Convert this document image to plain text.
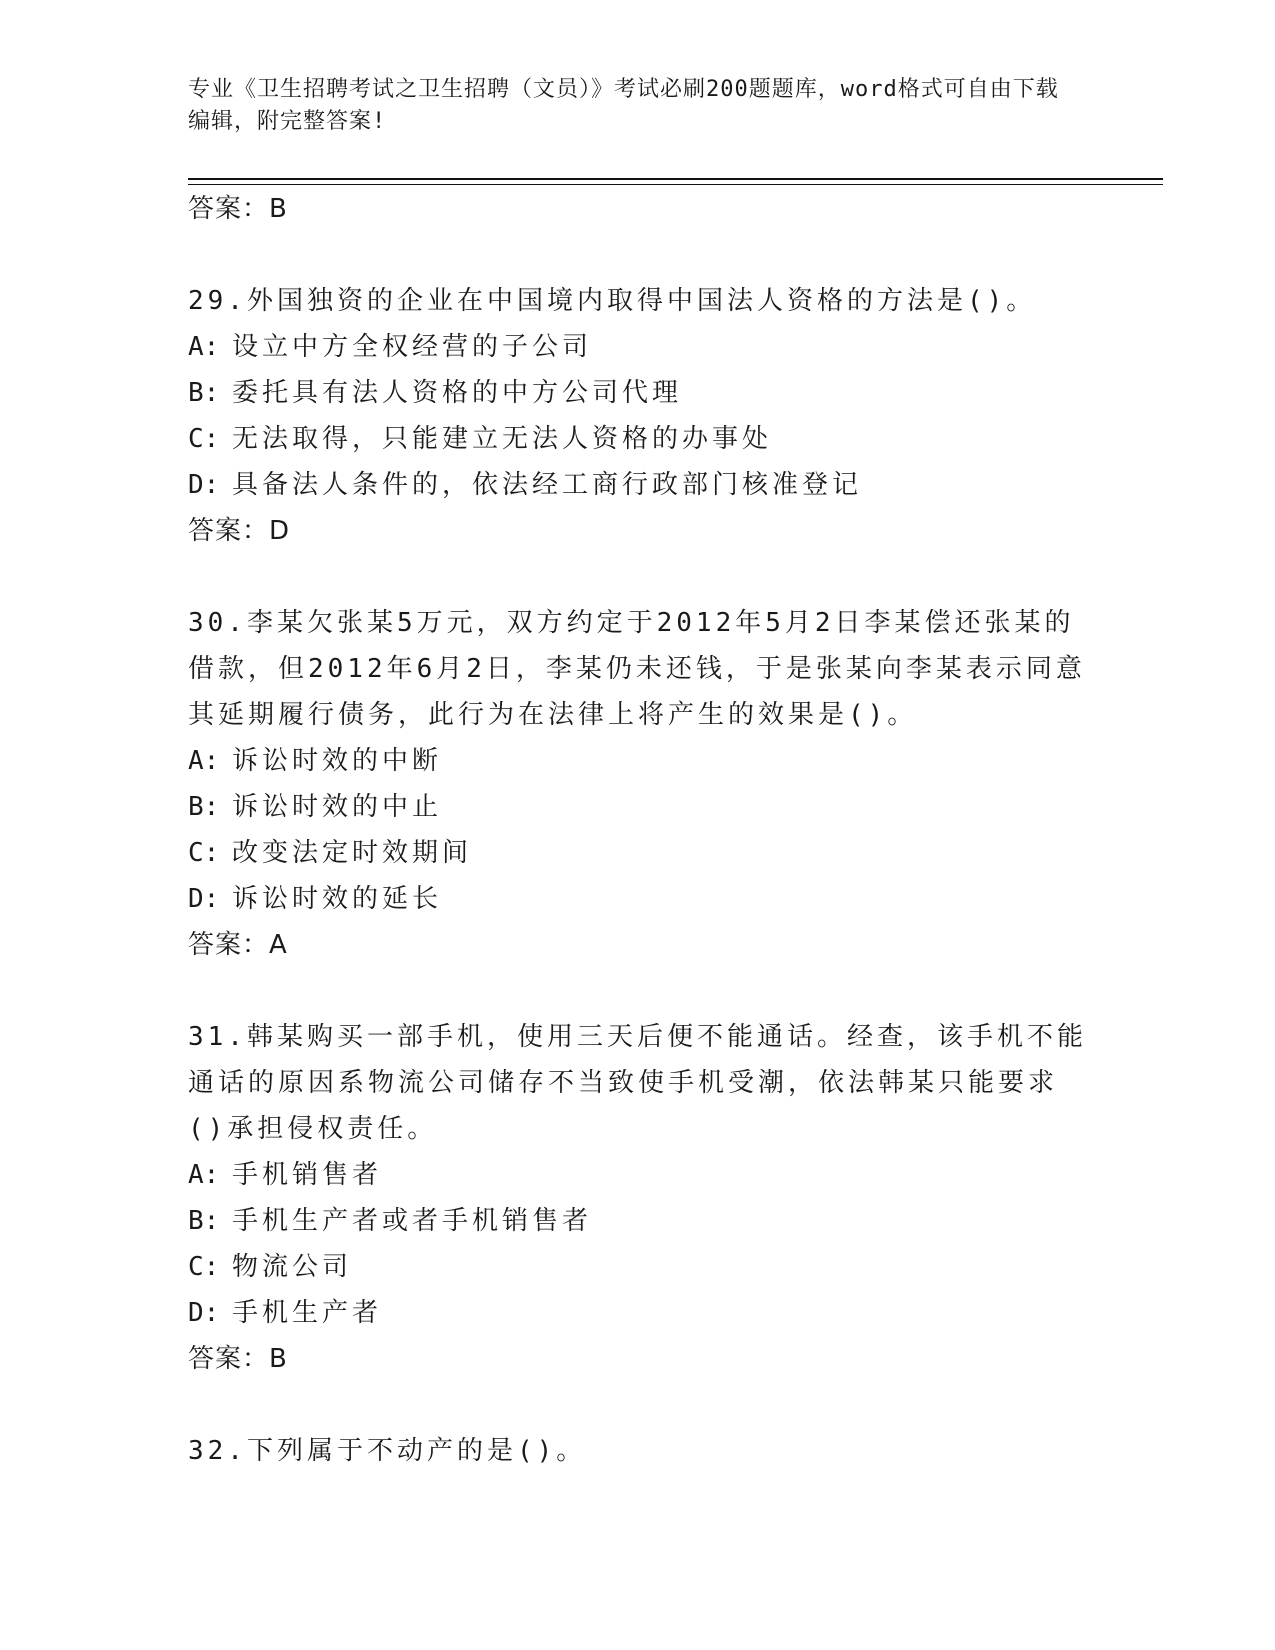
专业《卫生招聘考试之卫生招聘（文员）》考试必刷200题题库，word格式可自由下载编辑，附完整答案!
答案：B
29.外国独资的企业在中国境内取得中国法人资格的方法是()。
A: 设立中方全权经营的子公司
B: 委托具有法人资格的中方公司代理
C: 无法取得，只能建立无法人资格的办事处
D: 具备法人条件的，依法经工商行政部门核准登记
答案：D
30.李某欠张某5万元，双方约定于2012年5月2日李某偿还张某的借款，但2012年6月2日，李某仍未还钱，于是张某向李某表示同意其延期履行债务，此行为在法律上将产生的效果是()。
A: 诉讼时效的中断
B: 诉讼时效的中止
C: 改变法定时效期间
D: 诉讼时效的延长
答案：A
31.韩某购买一部手机，使用三天后便不能通话。经查，该手机不能通话的原因系物流公司储存不当致使手机受潮，依法韩某只能要求()承担侵权责任。
A: 手机销售者
B: 手机生产者或者手机销售者
C: 物流公司
D: 手机生产者
答案：B
32.下列属于不动产的是()。
